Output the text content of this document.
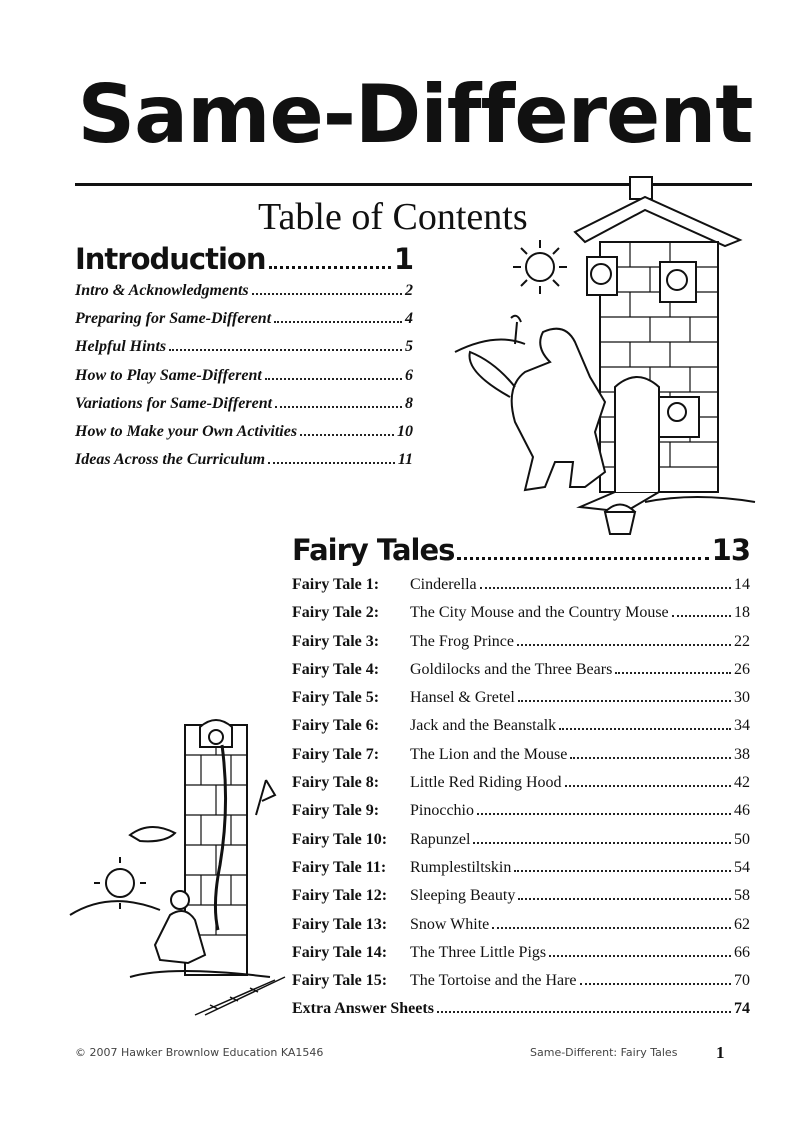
Same-Different
Table of Contents
Introduction	1
Intro & Acknowledgments	2
Preparing for Same-Different	4
Helpful Hints	5
How to Play Same-Different	6
Variations for Same-Different	8
How to Make your Own Activities	10
Ideas Across the Curriculum	11
Fairy Tales	13
Fairy Tale 1:	Cinderella	14
Fairy Tale 2:	The City Mouse and the Country Mouse	18
Fairy Tale 3:	The Frog Prince	22
Fairy Tale 4:	Goldilocks and the Three Bears	26
Fairy Tale 5:	Hansel & Gretel	30
Fairy Tale 6:	Jack and the Beanstalk	34
Fairy Tale 7:	The Lion and the Mouse	38
Fairy Tale 8:	Little Red Riding Hood	42
Fairy Tale 9:	Pinocchio	46
Fairy Tale 10:	Rapunzel	50
Fairy Tale 11:	Rumplestiltskin	54
Fairy Tale 12:	Sleeping Beauty	58
Fairy Tale 13:	Snow White	62
Fairy Tale 14:	The Three Little Pigs	66
Fairy Tale 15:	The Tortoise and the Hare	70
Extra Answer Sheets	74
© 2007 Hawker Brownlow Education KA1546	Same-Different: Fairy Tales 1
